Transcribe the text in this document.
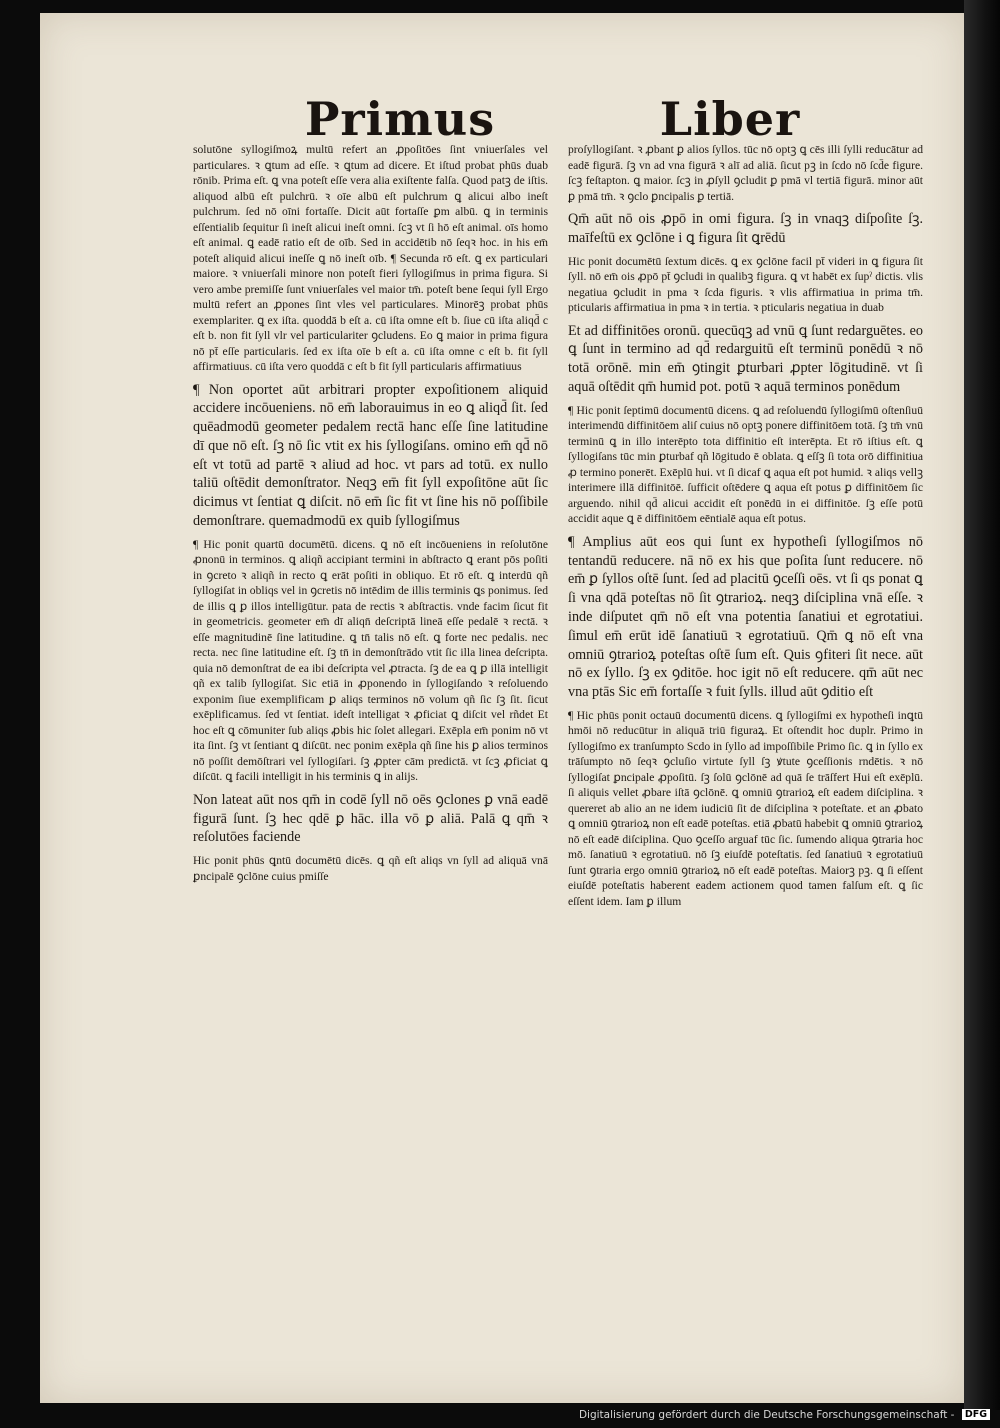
Primus	Liber

solutōne syllogiſmoꝝ multū refert an ꝓpoſitōes ſint vniuerſales vel particulares. ꝛ ꝗtum ad eſſe. ꝛ ꝗtum ad dicere. Et iſtud probat phūs duab͏ rōnib͏. Prima eſt. ꝗ vna poteſt eſſe vera alia exiſtente falſa. Quod patꝫ de iſtis. aliquod albū eſt pulchrū. ꝛ oīe albū eſt pulchrum ꝗ alicui albo ineſt pulchrum. ſed nō oīni fortaſſe. Dicit aūt fortaſſe ꝑm albū. ꝗ in terminis eſſentialib͏ ſequitur ſi ineſt alicui ineſt omni. ſcꝫ vt ſi hō eſt animal. oīs homo eſt animal. ꝗ eadē ratio eſt de oīb͏. Sed in accidētib͏ nō ſeqꝛ hoc. in his em̄ poteſt aliquid alicui ineſſe ꝗ nō ineſt oīb͏. ¶ Secunda rō eſt. ꝗ ex particulari maiore. ꝛ vniuerſali minore non poteſt fieri ſyllogiſmus in prima figura. Si vero ambe premiſſe ſunt vniuerſales vel maior tm̄. poteſt bene ſequi ſyll͏ Ergo multū refert an ꝓpones ſint vl͏es vel particulares. Minorēꝫ probat phūs exemplariter. ꝗ ex iſta. quoddā b eſt a. cū iſta omne eſt b. ſiue cū iſta aliqd̄ c eſt b. non fit ſyll͏ vl͏r vel particulariter ꝯcludens. Eo ꝗ maior in prima figura nō pt̄ eſſe particularis. ſed ex iſta oīe b eſt a. cū iſta omne c eſt b. fit ſyll͏ affirmatiuus. cū iſta vero quoddā c eſt b fit ſyll͏ particularis affirmatiuus

¶ Non oportet aūt arbitrari propter expoſitionem aliquid accidere incōueniens. nō em̄ laborauimus in eo ꝗ aliqd̄ ſit. ſed quēadmodū geometer pedalem rectā hanc eſſe ſine latitudine dī que nō eſt. ſꝫ nō ſic vtit͏ ex his ſyllogiſans. omino em̄ qd̄ nō eſt vt totū ad partē ꝛ aliud ad hoc. vt pars ad totū. ex nullo taliū oſtēdit demonſtrator. Neqꝫ em̄ fit ſyll͏ expoſitōne aūt ſic dicimus vt ſentiat ꝗ diſcit. nō em̄ ſic fit vt ſine his nō poſſibile demonſtrare. quemadmodū ex quib͏ ſyllogiſmus

¶ Hic ponit quartū documētū. dicens. ꝗ nō eſt incōueniens in reſolutōne ꝓnonū in terminos. ꝗ aliqñ accipiant termini in abſtracto ꝗ erant pōs poſiti in ꝯcreto ꝛ aliqñ in recto ꝗ erāt poſiti in obliquo. Et rō eſt. ꝗ interdū qñ ſyllogiſat in obliqs vel in ꝯcretis nō intēdim͏ de illis terminis ꝗs ponimus. ſed de illis ꝗ ꝑ illos intelligūtur. pata de rectis ꝛ abſtractis. vnde facim͏ ſicut fit in geometricis. geometer em̄ dī aliqn̄ deſcriptā lineā eſſe pedalē ꝛ rectā. ꝛ eſſe magnitudinē ſine latitudine. ꝗ tn̄ talis nō eſt. ꝗ forte nec pedalis. nec recta. nec ſine latitudine eſt. ſꝫ tn̄ in demonſtrādo vtit͏ ſic illa linea deſcripta. quia nō demonſtrat de ea ibi deſcripta vel ꝓtracta. ſꝫ de ea ꝗ ꝑ illā intelligit qñ ex talib͏ ſyllogiſat. Sic etiā in ꝓponendo in ſyllogiſando ꝛ reſoluendo exponim͏ ſiue exemplificam͏ ꝑ aliqs terminos nō volum͏ qñ ſic ſꝫ ſit. ſicut exēplificamus. ſed vt ſentiat. ideſt intelligat ꝛ ꝓficiat ꝗ diſcit vel rñdet Et hoc eſt ꝗ cōmuniter ſub aliqs ꝓbis hic ſolet allegari. Exēpla em̄ ponim͏ nō vt ita ſint. ſꝫ vt ſentiant ꝗ diſcūt. nec ponim͏ exēpla qñ ſine his ꝑ alios terminos nō poſſit demōſtrari vel ſyllogiſari. ſꝫ ꝓpter cām predictā. vt ſcꝫ ꝓficiat ꝗ diſcūt. ꝗ facili͏ intelligit in his terminis ꝗ in alijs.

Non lateat aūt nos qm̄ in codē ſyll͏ nō oēs ꝯclones ꝑ vnā eadē figurā ſunt. ſꝫ hec qdē ꝑ hāc. illa vō ꝑ aliā. Palā ꝗ qm̄ ꝛ reſolutōes faciende

Hic ponit phūs ꝗntū documētū dicēs. ꝗ qñ eſt aliqs vn͏ ſyll͏ ad aliquā vnā ꝑncipalē ꝯclōne cuius pmiſſe

proſyllogiſant. ꝛ ꝓbant ꝑ alios ſyll͏os. tūc nō optꝫ ꝗ cēs illi ſylli reducātur ad eadē figurā. ſꝫ vn͏ ad vna figurā ꝛ alī͏ ad aliā. ſicut pꝫ in ſcdo nō ſcd̄e figure. ſcꝫ feſtapton. ꝗ maior. ſcꝫ in ꝓſyll͏ ꝯcludit ꝑ pmā vl͏ tertiā figurā. minor aūt ꝑ pmā tm̄. ꝛ ꝯclo ꝑncipalis ꝑ tertiā.

Qm̄ aūt nō ois ꝓpō in omi figura. ſꝫ in vnaqꝫ diſpoſite ſꝫ. maīfeſtū ex ꝯclōne i ꝗ figura ſit ꝗrēdū

Hic ponit documētū ſextum dicēs. ꝗ ex ꝯclōne facil͏ pt̄ videri in ꝗ figura ſit ſyll͏. nō em̄ ois ꝓpō pt̄ ꝯcludi in qualibꝫ figura. ꝗ vt habēt ex ſupˀ dictis. vl͏is negatiua ꝯcludit in pma ꝛ ſcda figuris. ꝛ vl͏is affirmatiua in prima tm̄. pticularis affirmatiua in pma ꝛ in tertia. ꝛ pticularis negatiua in duab͏

Et ad diffinitōes oronū. quecūqꝫ ad vnū ꝗ ſunt redarguētes. eo ꝗ ſunt in termino ad qd̄ redarguitū eſt terminū ponēdū ꝛ nō totā orōnē. min͏ em̄ ꝯtingit ꝑturbari ꝓpter lōgitudinē. vt ſi aquā oſtēdit qm̄ humid͏ pot͏. potū ꝛ aquā terminos ponēdum

¶ Hic ponit ſeptimū documentū dicens. ꝗ ad reſoluendū ſyllogiſmū oſtenſiuū interimendū diffinitōem aliſ cuius nō optꝫ ponere diffinitōem totā. ſꝫ tm̄ vnū terminū ꝗ in illo interēpto tota diffinitio eſt interēpta. Et rō iſtius eſt. ꝗ ſyllogiſans tūc min͏ ꝑturbaf qñ lōgitudo ē oblata. ꝗ eſſꝫ ſi tota orō diffinitiua ꝓ termino ponerēt. Exēplū hui͏. vt ſi dicaf ꝗ aqua eſt pot͏ humid͏. ꝛ aliqs vellꝫ interimere illā diffinitōē. ſufficit oſtēdere ꝗ aqua eſt potus ꝑ diffinitōem ſic arguendo. nihil qd̄ alicui accidit eſt ponēdū in ei͏ diffinitōe. ſꝫ eſſe potū accidit aque ꝗ ē diffinitōem eēntialē aqua eſt potus.

¶ Amplius aūt eos qui ſunt ex hypotheſi ſyllogiſmos nō tentandū reducere. nā nō ex his que poſita ſunt reducere. nō em̄ ꝑ ſyll͏os oſtē ſunt. ſed ad placitū ꝯceſſi oēs. vt ſi qs ponat ꝗ ſi vna qdā poteſtas nō ſit ꝯtrarioꝝ. neqꝫ diſciplina vnā eſſe. ꝛ inde diſputet qm̄ nō eſt vna potentia ſanatiui et egrotatiui. ſimul em̄ erūt idē ſanatiuū ꝛ egrotatiuū. Qm̄ ꝗ nō eſt vna omniū ꝯtrarioꝝ poteſtas oſtē ſum eſt. Quis ꝯfiteri ſit nece. aūt nō ex ſyll͏o. ſꝫ ex ꝯditōe. hoc igit͏ nō eſt reducere. qm̄ aūt nec vna ptās Sic em̄ fortaſſe ꝛ fuit ſyll͏s. illud aūt ꝯditio eſt

¶ Hic phūs ponit octauū documentū dicens. ꝗ ſyllogiſmi ex hypotheſi inꝗtū hmōi nō reducūtur in aliquā triū figuraꝝ. Et oſtendit hoc dupl͏r. Primo in ſyllogiſmo ex tranſumpto Scdo in ſyll͏o ad impoſſibile Primo ſic. ꝗ in ſyll͏o ex trāſumpto nō ſeqꝛ ꝯcluſio virtute ſyll͏ ſꝫ ꝟtute ꝯceſſionis rndētis. ꝛ nō ſyllogiſat ꝑncipale ꝓpoſitū. ſꝫ ſolū ꝯclōnē ad quā ſe trāſfert Hui͏ eſt exēplū. ſi aliquis vellet ꝓbare iſtā ꝯclōnē. ꝗ omniū ꝯtrarioꝝ eſt eadem diſciplina. ꝛ quereret ab alio an ne idem iudiciū ſit de diſciplina ꝛ poteſtate. et an ꝓbato ꝗ omniū ꝯtrarioꝝ non eſt eadē poteſtas. etiā ꝓbatū habebit ꝗ omniū ꝯtrarioꝝ nō eſt eadē diſciplina. Quo ꝯceſſo arguaf tūc ſic. ſumendo aliqua ꝯtraria hoc mō. ſanatiuū ꝛ egrotatiuū. nō ſꝫ eiuſdē poteſtatis. ſed ſanatiuū ꝛ egrotatiuū ſunt ꝯtraria ergo omniū ꝯtrarioꝝ nō eſt eadē poteſtas. Maiorꝫ pꝫ. ꝗ ſi eſſent eiuſdē poteſtatis haberent eadem actionem quod tamen falſum eſt. ꝗ ſic eſſent idem. Iam ꝑ illum

Digitalisierung gefördert durch die Deutsche Forschungsgemeinschaft - DFG
